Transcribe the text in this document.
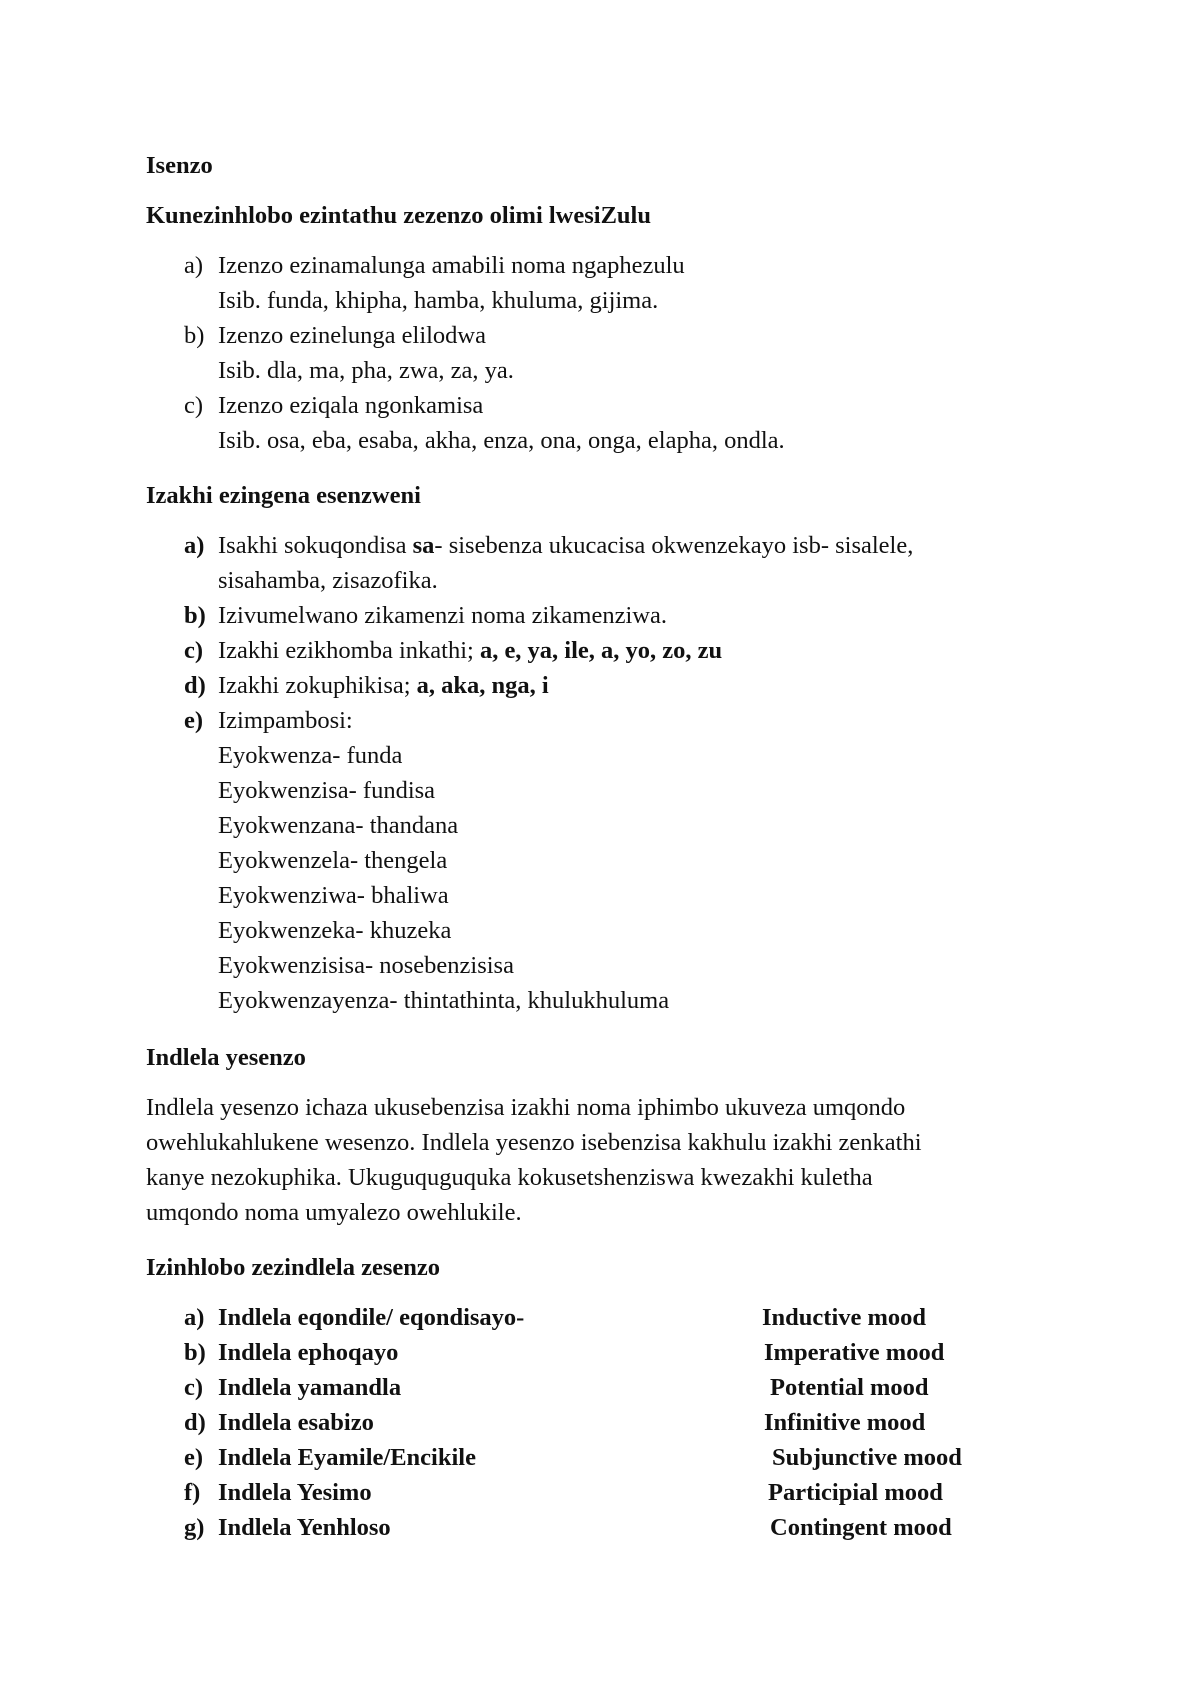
Isenzo
Kunezinhlobo ezintathu zezenzo olimi lwesiZulu
a) Izenzo ezinamalunga amabili noma ngaphezulu
Isib. funda, khipha, hamba, khuluma, gijima.
b) Izenzo ezinelunga elilodwa
Isib. dla, ma, pha, zwa, za, ya.
c) Izenzo eziqala ngonkamisa
Isib. osa, eba, esaba, akha, enza, ona, onga, elapha, ondla.
Izakhi ezingena esenzweni
a) Isakhi sokuqondisa sa- sisebenza ukucacisa okwenzekayo isb- sisalele,
sisahamba, zisazofika.
b) Izivumelwano zikamenzi noma zikamenziwa.
c) Izakhi ezikhomba inkathi; a, e, ya, ile, a, yo, zo, zu
d) Izakhi zokuphikisa; a, aka, nga, i
e) Izimpambosi:
Eyokwenza- funda
Eyokwenzisa- fundisa
Eyokwenzana- thandana
Eyokwenzela- thengela
Eyokwenziwa- bhaliwa
Eyokwenzeka- khuzeka
Eyokwenzisisa- nosebenzisisa
Eyokwenzayenza- thintathinta, khulukhuluma
Indlela yesenzo
Indlela yesenzo ichaza ukusebenzisa izakhi noma iphimbo ukuveza umqondo
owehlukahlukene wesenzo. Indlela yesenzo isebenzisa kakhulu izakhi zenkathi
kanye nezokuphika. Ukuguquguquka kokusetshenziswa kwezakhi kuletha
umqondo noma umyalezo owehlukile.
Izinhlobo zezindlela zesenzo
a) Indlela eqondile/ eqondisayo-	Inductive mood
b) Indlela ephoqayo	Imperative mood
c) Indlela yamandla	Potential mood
d) Indlela esabizo	Infinitive mood
e) Indlela Eyamile/Encikile	Subjunctive mood
f) Indlela Yesimo	Participial mood
g) Indlela Yenhloso	Contingent mood
